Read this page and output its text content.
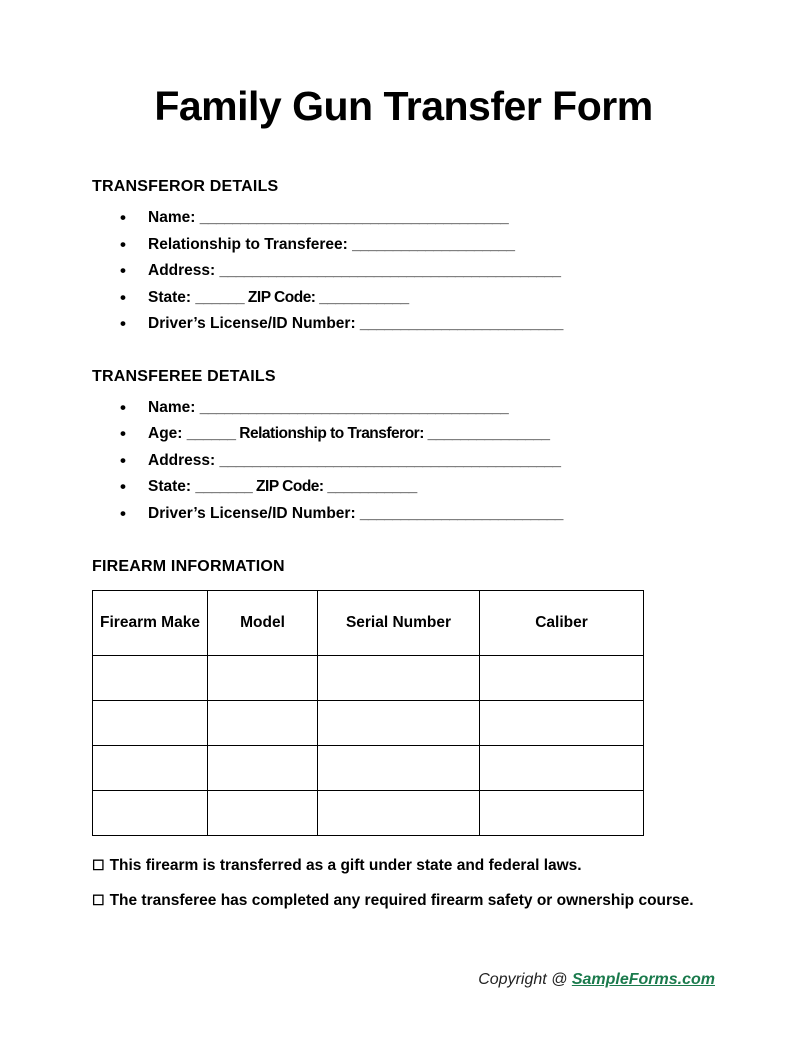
Family Gun Transfer Form
TRANSFEROR DETAILS
• Name: ______________________________________
• Relationship to Transferee: ____________________
• Address: __________________________________________
• State: ______ ZIP Code: ___________
• Driver’s License/ID Number: _________________________
TRANSFEREE DETAILS
• Name: ______________________________________
• Age: ______ Relationship to Transferor: _______________
• Address: __________________________________________
• State: _______ ZIP Code: ___________
• Driver’s License/ID Number: _________________________
FIREARM INFORMATION
Firearm Make	Model	Serial Number	Caliber

☐ This firearm is transferred as a gift under state and federal laws.
☐ The transferee has completed any required firearm safety or ownership course.
Copyright @ SampleForms.com
